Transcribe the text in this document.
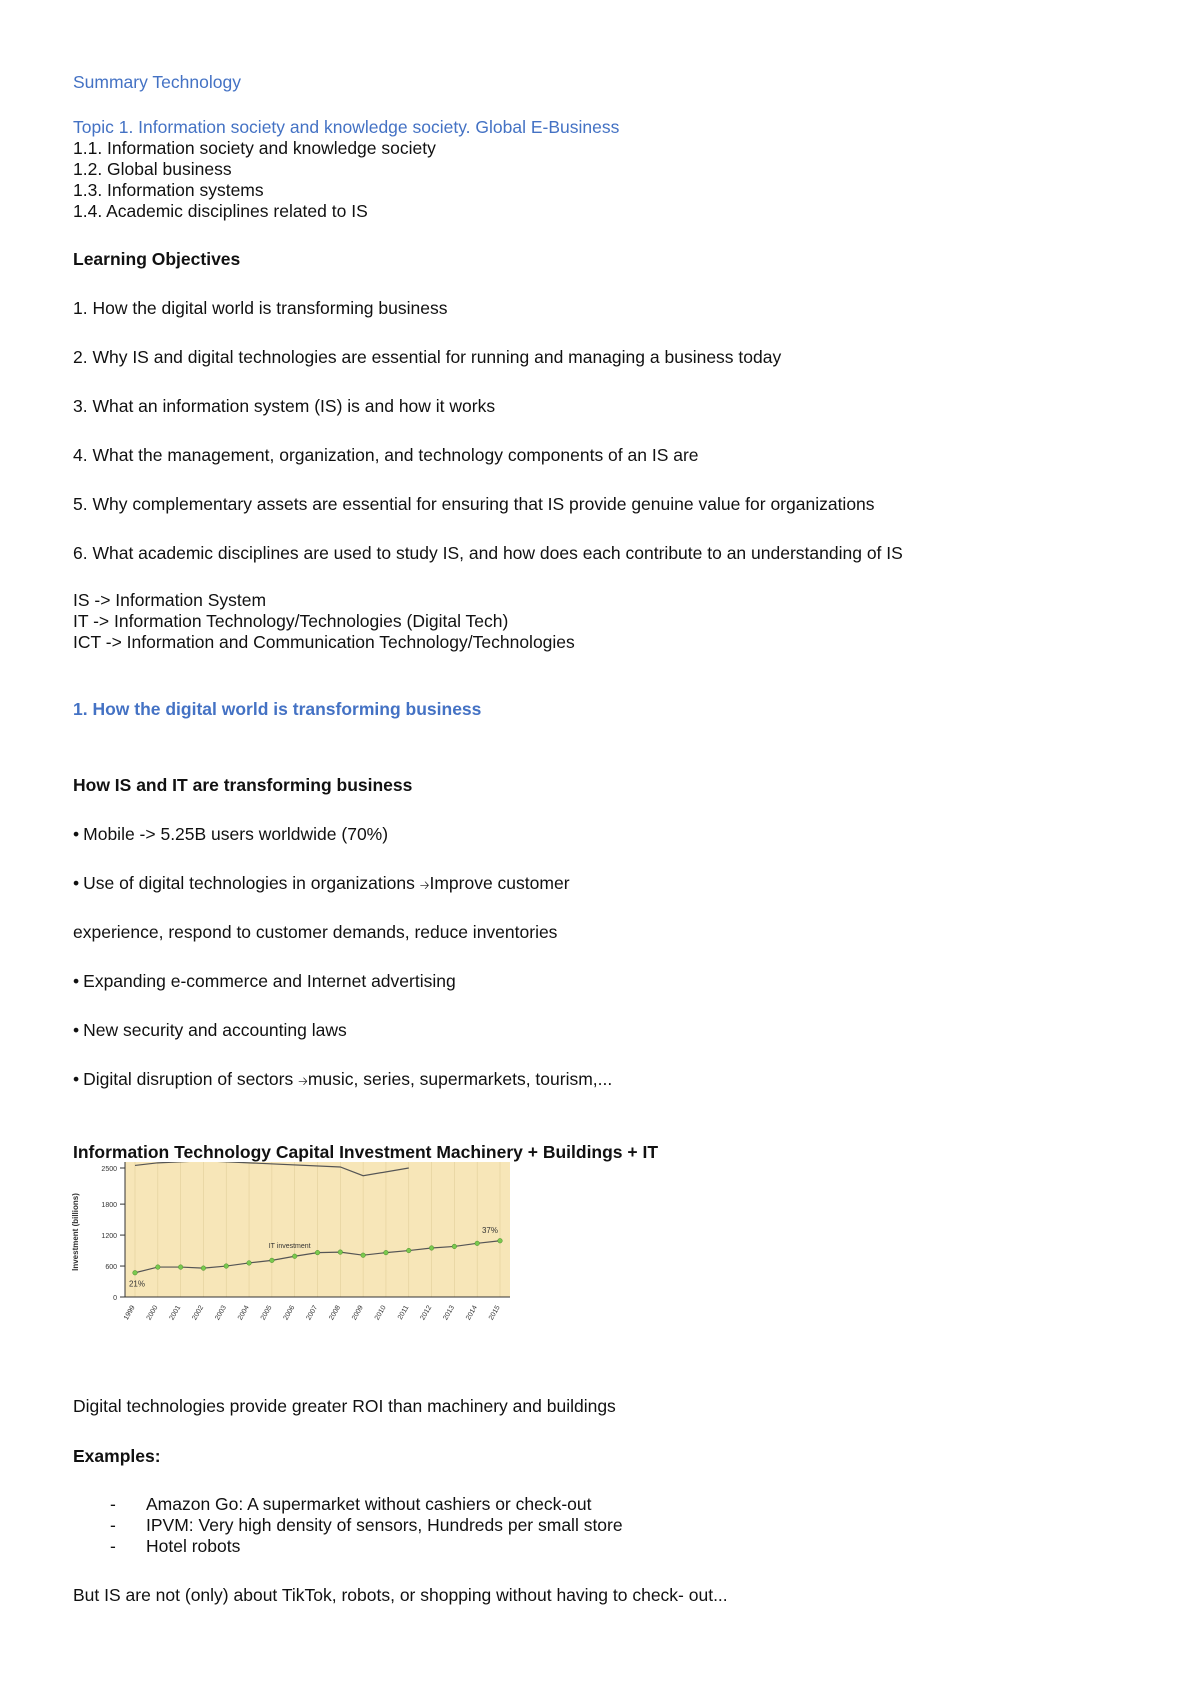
Summary Technology
Topic 1. Information society and knowledge society. Global E-Business
1.1. Information society and knowledge society
1.2. Global business
1.3. Information systems
1.4. Academic disciplines related to IS
Learning Objectives
1. How the digital world is transforming business
2. Why IS and digital technologies are essential for running and managing a business today
3. What an information system (IS) is and how it works
4. What the management, organization, and technology components of an IS are
5. Why complementary assets are essential for ensuring that IS provide genuine value for organizations
6. What academic disciplines are used to study IS, and how does each contribute to an understanding of IS
IS -> Information System
IT -> Information Technology/Technologies (Digital Tech)
ICT -> Information and Communication Technology/Technologies
1. How the digital world is transforming business
How IS and IT are transforming business
• Mobile -> 5.25B users worldwide (70%)
• Use of digital technologies in organizations 🡢Improve customer
experience, respond to customer demands, reduce inventories
• Expanding e-commerce and Internet advertising
• New security and accounting laws
• Digital disruption of sectors 🡢music, series, supermarkets, tourism,...
Information Technology Capital Investment Machinery + Buildings + IT
0
600
1200
1800
2500
Investment (billions)
1999 2000 2001 2002 2003 2004 2005 2006 2007 2008 2009 2010 2011 2012 2013 2014 2015
IT investment
21%
37%
Digital technologies provide greater ROI than machinery and buildings
Examples:
- Amazon Go: A supermarket without cashiers or check-out
- IPVM: Very high density of sensors, Hundreds per small store
- Hotel robots
But IS are not (only) about TikTok, robots, or shopping without having to check- out...
